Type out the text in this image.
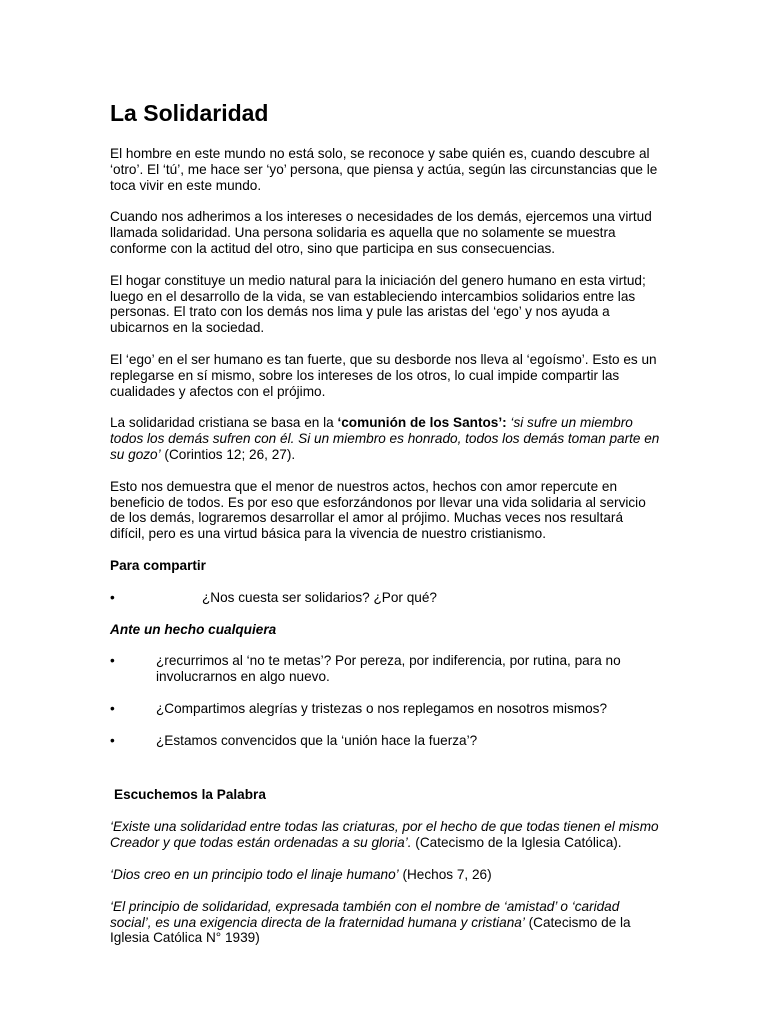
La Solidaridad

El hombre en este mundo no está solo, se reconoce y sabe quién es, cuando descubre al ‘otro’. El ‘tú’, me hace ser ‘yo’ persona, que piensa y actúa, según las circunstancias que le toca vivir en este mundo.

Cuando nos adherimos a los intereses o necesidades de los demás, ejercemos una virtud llamada solidaridad. Una persona solidaria es aquella que no solamente se muestra conforme con la actitud del otro, sino que participa en sus consecuencias.

El hogar constituye un medio natural para la iniciación del genero humano en esta virtud; luego en el desarrollo de la vida, se van estableciendo intercambios solidarios entre las personas. El trato con los demás nos lima y pule las aristas del ‘ego’ y nos ayuda a ubicarnos en la sociedad.

El ‘ego’ en el ser humano es tan fuerte, que su desborde nos lleva al ‘egoísmo’. Esto es un replegarse en sí mismo, sobre los intereses de los otros, lo cual impide compartir las cualidades y afectos con el prójimo.

La solidaridad cristiana se basa en la ‘comunión de los Santos’: ‘si sufre un miembro todos los demás sufren con él. Si un miembro es honrado, todos los demás toman parte en su gozo’ (Corintios 12; 26, 27).

Esto nos demuestra que el menor de nuestros actos, hechos con amor repercute en beneficio de todos. Es por eso que esforzándonos por llevar una vida solidaria al servicio de los demás, lograremos desarrollar el amor al prójimo. Muchas veces nos resultará difícil, pero es una virtud básica para la vivencia de nuestro cristianismo.

Para compartir
•	¿Nos cuesta ser solidarios? ¿Por qué?
Ante un hecho cualquiera
•	¿recurrimos al ‘no te metas’? Por pereza, por indiferencia, por rutina, para no involucrarnos en algo nuevo.
•	¿Compartimos alegrías y tristezas o nos replegamos en nosotros mismos?
•	¿Estamos convencidos que la ‘unión hace la fuerza’?
Escuchemos la Palabra

‘Existe una solidaridad entre todas las criaturas, por el hecho de que todas tienen el mismo Creador y que todas están ordenadas a su gloria’. (Catecismo de la Iglesia Católica).

‘Dios creo en un principio todo el linaje humano’ (Hechos 7, 26)

‘El principio de solidaridad, expresada también con el nombre de ‘amistad’ o ‘caridad social’, es una exigencia directa de la fraternidad humana y cristiana’ (Catecismo de la Iglesia Católica N° 1939)
